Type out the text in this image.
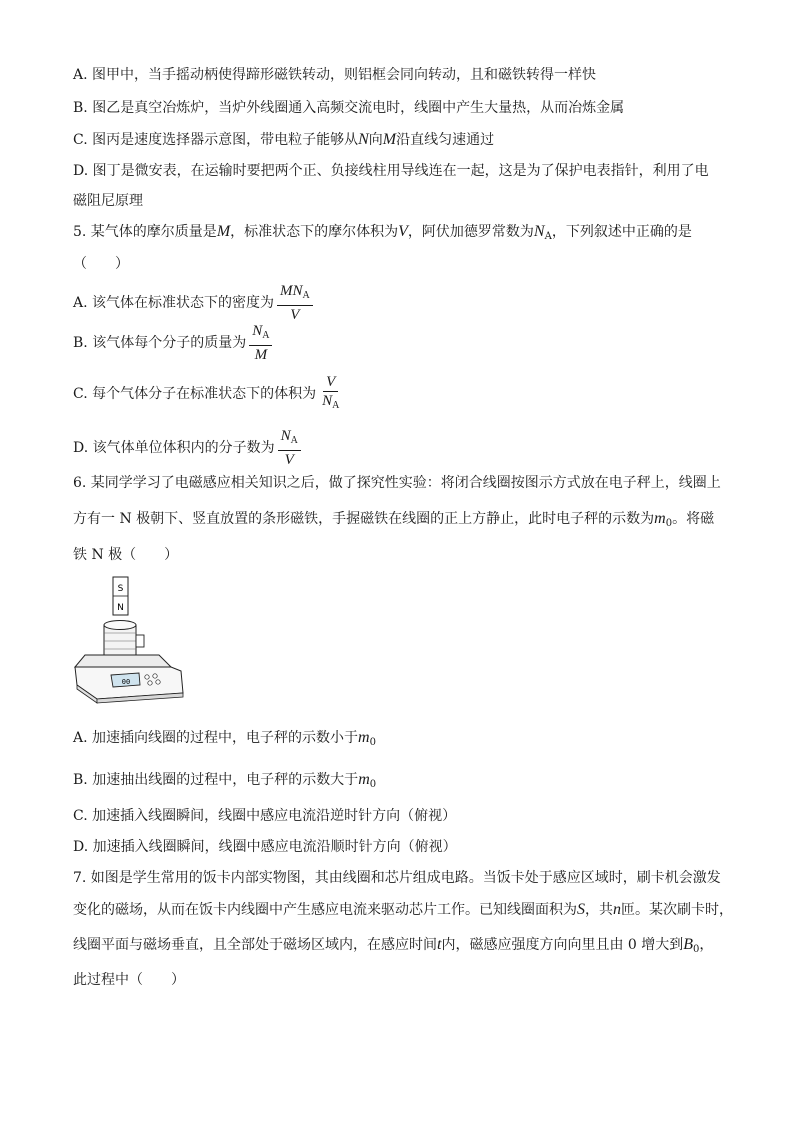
A. 图甲中，当手摇动柄使得蹄形磁铁转动，则铝框会同向转动，且和磁铁转得一样快
B. 图乙是真空冶炼炉，当炉外线圈通入高频交流电时，线圈中产生大量热，从而冶炼金属
C. 图丙是速度选择器示意图，带电粒子能够从N向M沿直线匀速通过
D. 图丁是微安表，在运输时要把两个正、负接线柱用导线连在一起，这是为了保护电表指针，利用了电
磁阻尼原理
5. 某气体的摩尔质量是M，标准状态下的摩尔体积为V，阿伏加德罗常数为$N_A$，下列叙述中正确的是
（　　）
A. 该气体在标准状态下的密度为 $\frac{MN_A}{V}$
B. 该气体每个分子的质量为 $\frac{N_A}{M}$
C. 每个气体分子在标准状态下的体积为 $\frac{V}{N_A}$
D. 该气体单位体积内的分子数为 $\frac{N_A}{V}$
6. 某同学学习了电磁感应相关知识之后，做了探究性实验：将闭合线圈按图示方式放在电子秤上，线圈上
方有一 N 极朝下、竖直放置的条形磁铁，手握磁铁在线圈的正上方静止，此时电子秤的示数为$m_0$。将磁
铁 N 极（　　）
S
N
00
A. 加速插向线圈的过程中，电子秤的示数小于$m_0$
B. 加速抽出线圈的过程中，电子秤的示数大于$m_0$
C. 加速插入线圈瞬间，线圈中感应电流沿逆时针方向（俯视）
D. 加速插入线圈瞬间，线圈中感应电流沿顺时针方向（俯视）
7. 如图是学生常用的饭卡内部实物图，其由线圈和芯片组成电路。当饭卡处于感应区域时，刷卡机会激发
变化的磁场，从而在饭卡内线圈中产生感应电流来驱动芯片工作。已知线圈面积为S，共n匝。某次刷卡时，
线圈平面与磁场垂直，且全部处于磁场区域内，在感应时间t内，磁感应强度方向向里且由 0 增大到$B_0$，
此过程中（　　）
